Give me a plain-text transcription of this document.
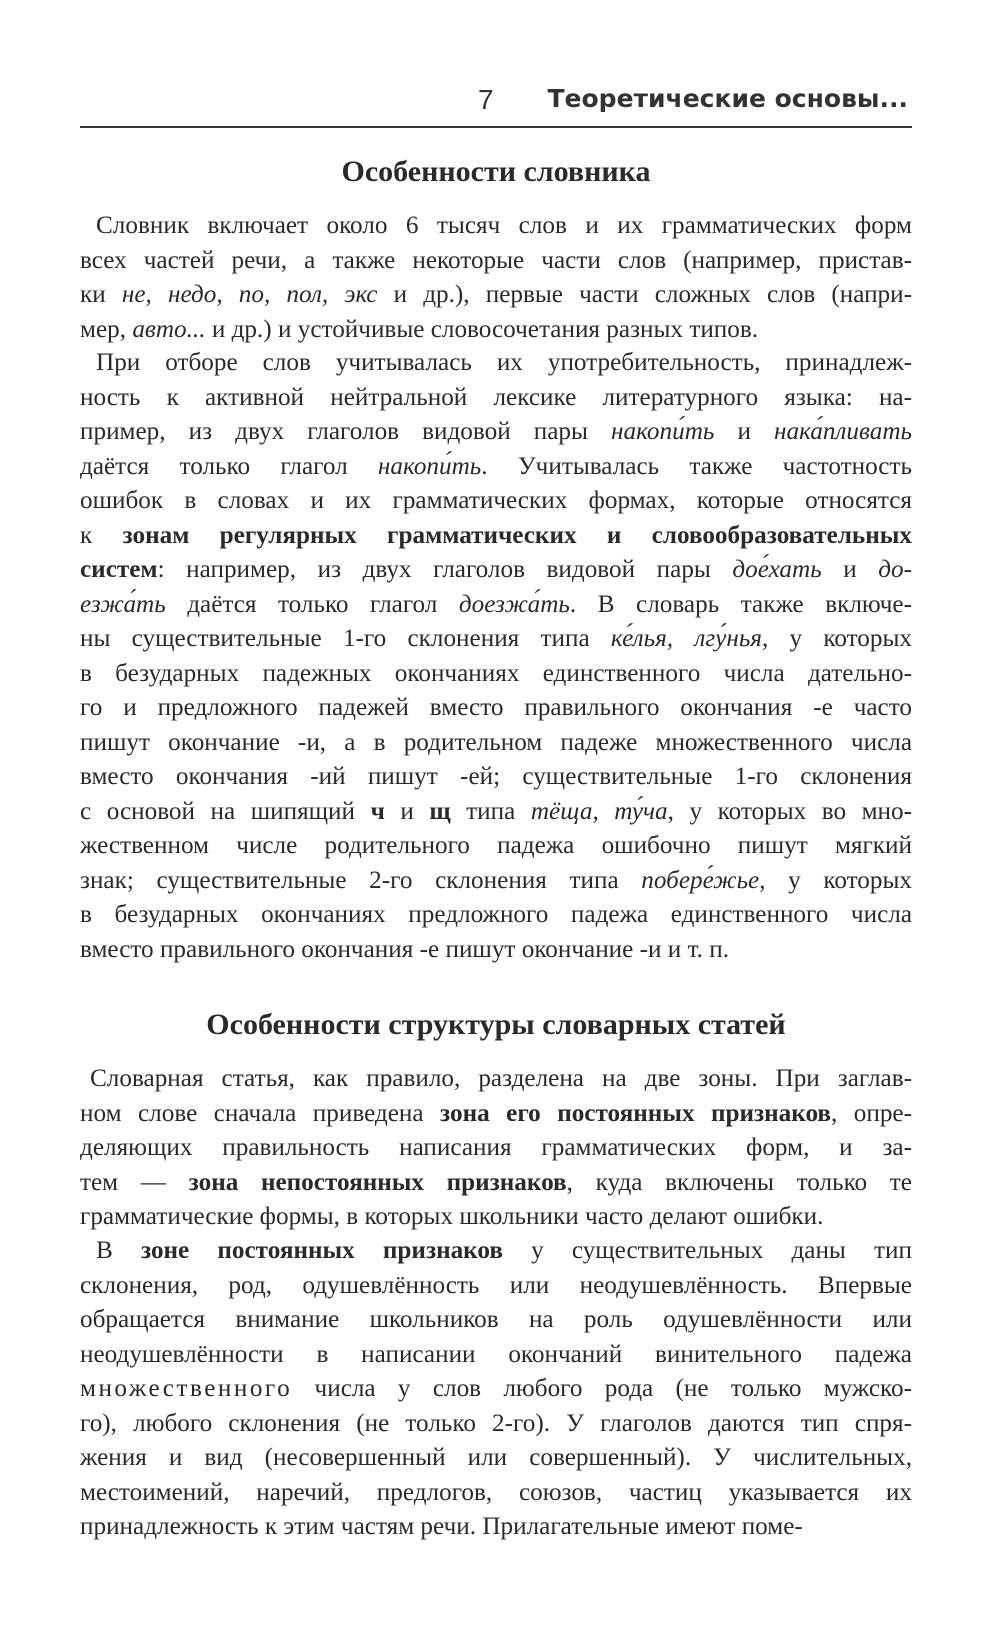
7 Теоретические основы...
Особенности словника
Словник включает около 6 тысяч слов и их грамматических форм
всех частей речи, а также некоторые части слов (например, пристав-
ки не, недо, по, пол, экс и др.), первые части сложных слов (напри-
мер, авто... и др.) и устойчивые словосочетания разных типов.
При отборе слов учитывалась их употребительность, принадлеж-
ность к активной нейтральной лексике литературного языка: на-
пример, из двух глаголов видовой пары накопи́ть и нака́пливать
даётся только глагол накопи́ть. Учитывалась также частотность
ошибок в словах и их грамматических формах, которые относятся
к зонам регулярных грамматических и словообразовательных
систем: например, из двух глаголов видовой пары дое́хать и до-
езжа́ть даётся только глагол доезжа́ть. В словарь также включе-
ны существительные 1-го склонения типа ке́лья, лгу́нья, у которых
в безударных падежных окончаниях единственного числа дательно-
го и предложного падежей вместо правильного окончания -е часто
пишут окончание -и, а в родительном падеже множественного числа
вместо окончания -ий пишут -ей; существительные 1-го склонения
с основой на шипящий ч и щ типа тёща, ту́ча, у которых во мно-
жественном числе родительного падежа ошибочно пишут мягкий
знак; существительные 2-го склонения типа побере́жье, у которых
в безударных окончаниях предложного падежа единственного числа
вместо правильного окончания -е пишут окончание -и и т. п.
Особенности структуры словарных статей
Словарная статья, как правило, разделена на две зоны. При заглав-
ном слове сначала приведена зона его постоянных признаков, опре-
деляющих правильность написания грамматических форм, и за-
тем — зона непостоянных признаков, куда включены только те
грамматические формы, в которых школьники часто делают ошибки.
В зоне постоянных признаков у существительных даны тип
склонения, род, одушевлённость или неодушевлённость. Впервые
обращается внимание школьников на роль одушевлённости или
неодушевлённости в написании окончаний винительного падежа
множественного числа у слов любого рода (не только мужско-
го), любого склонения (не только 2-го). У глаголов даются тип спря-
жения и вид (несовершенный или совершенный). У числительных,
местоимений, наречий, предлогов, союзов, частиц указывается их
принадлежность к этим частям речи. Прилагательные имеют поме-
